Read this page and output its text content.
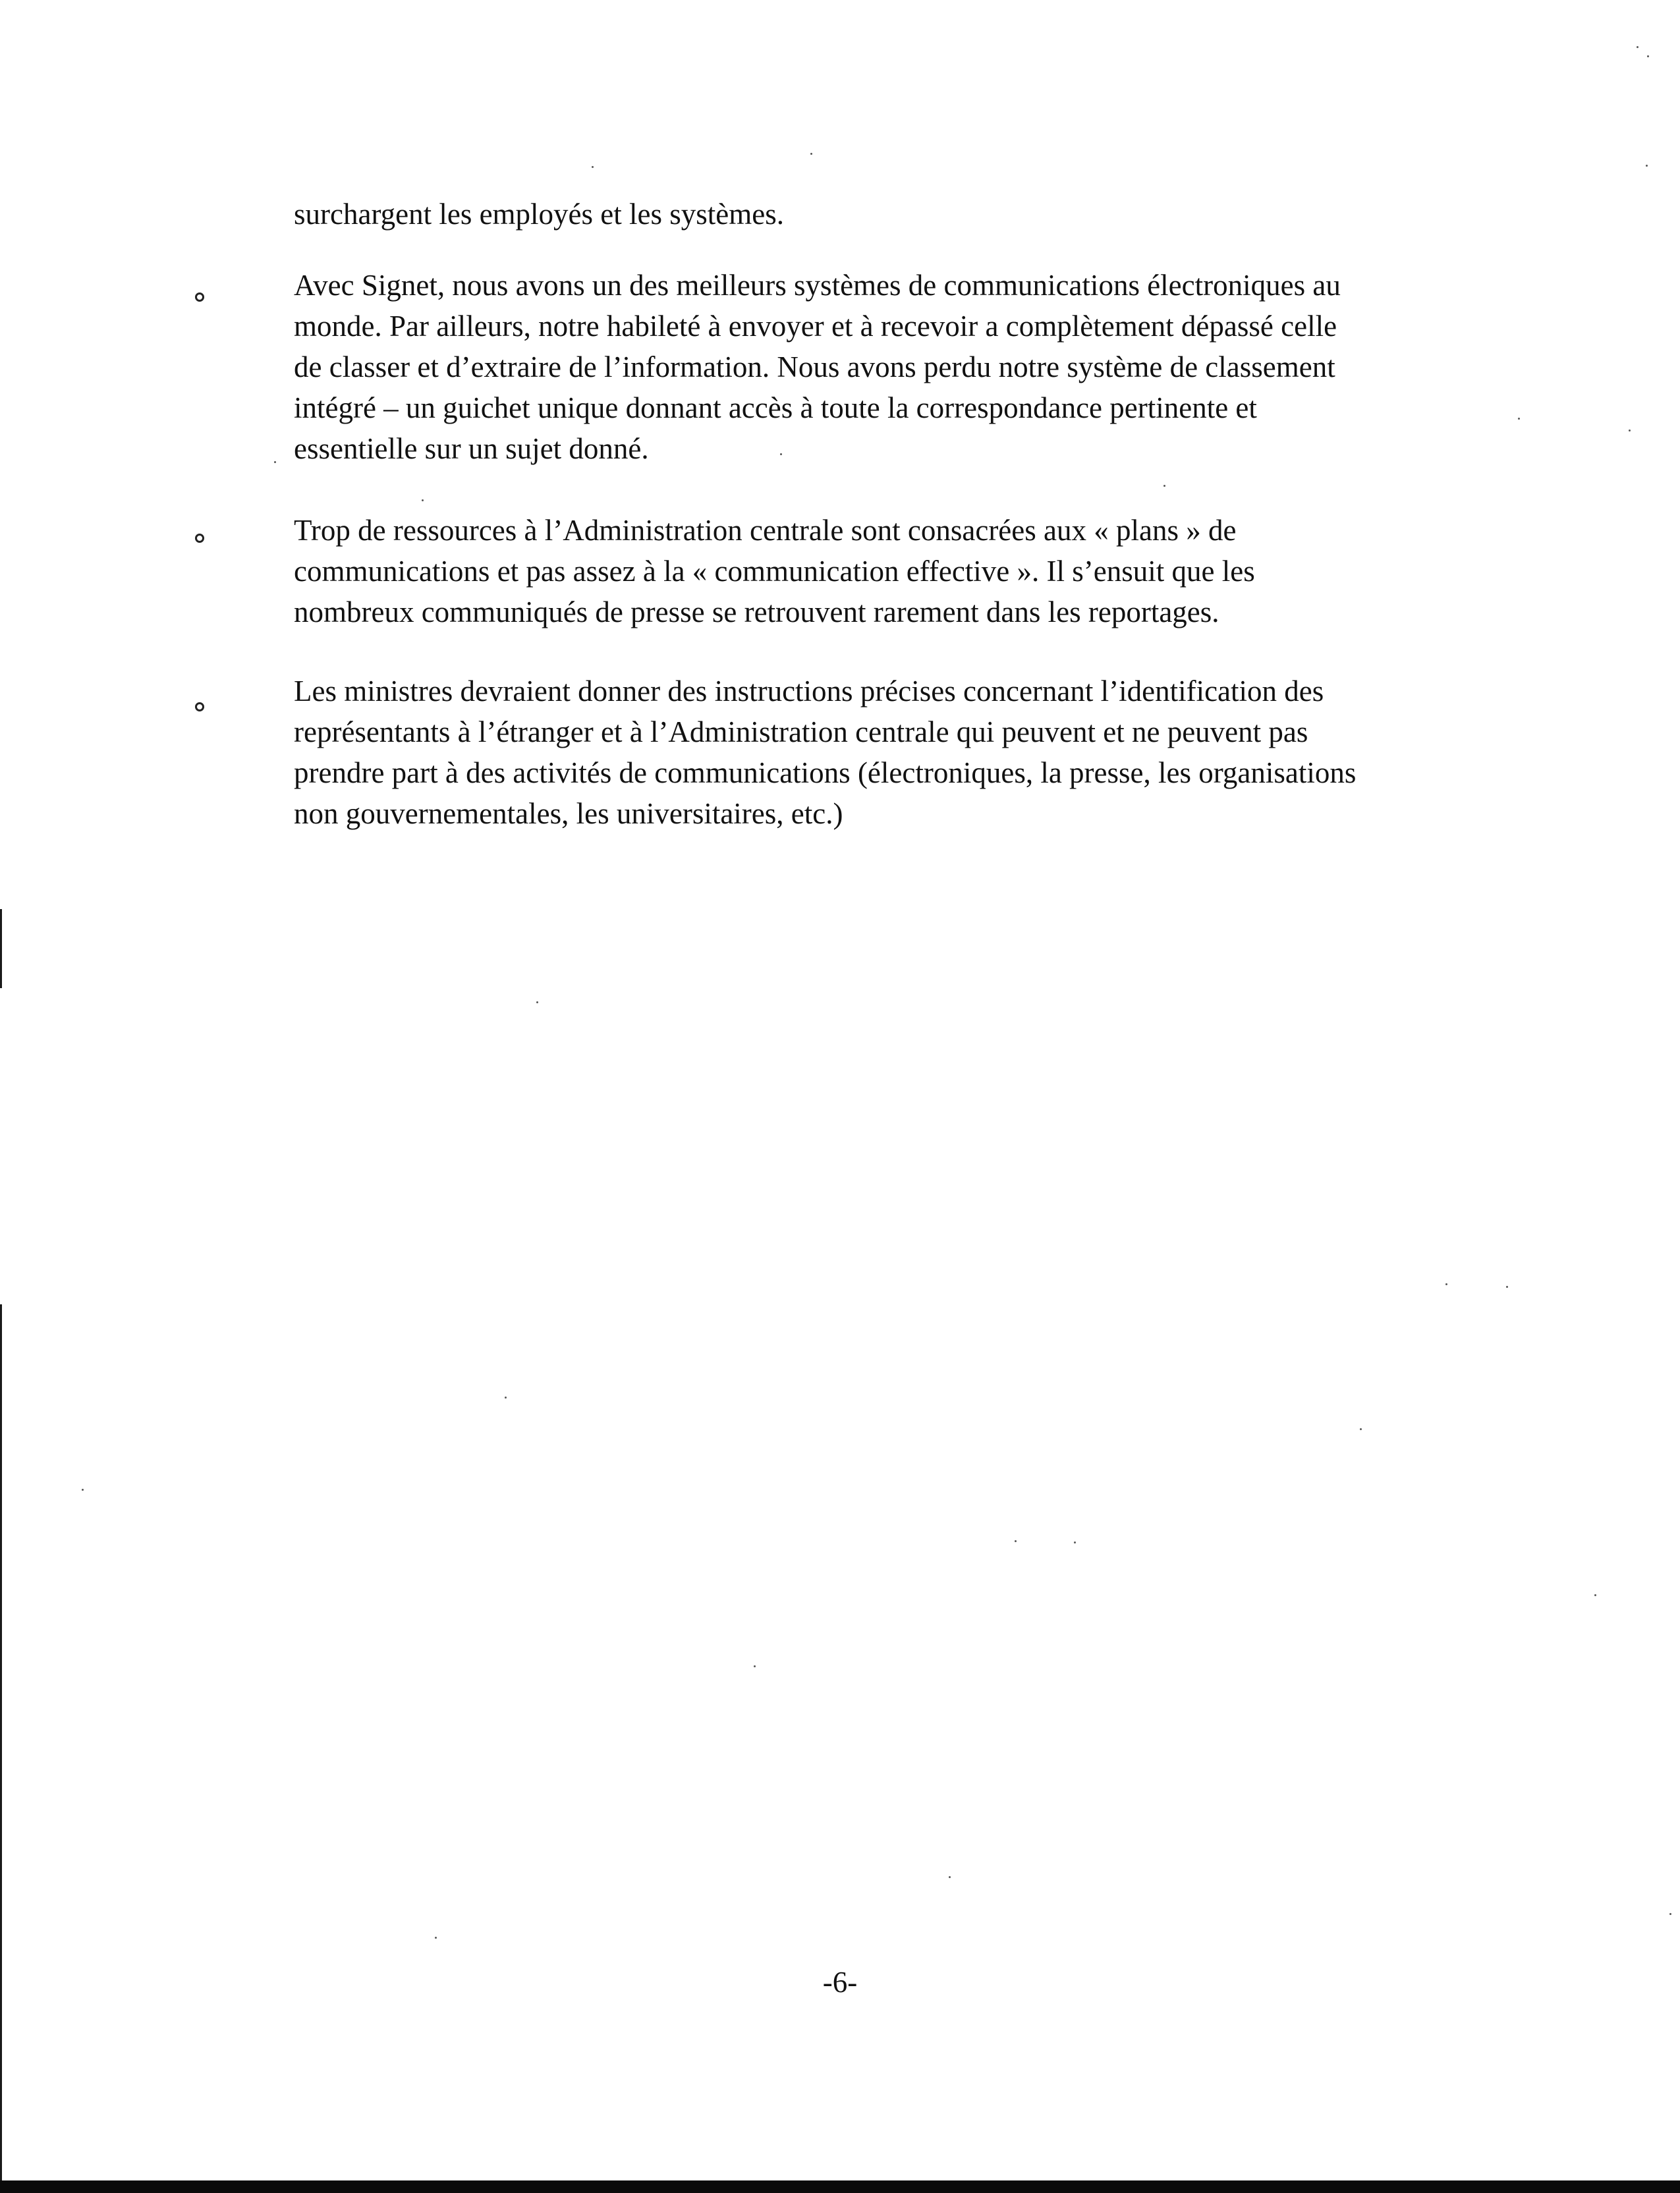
surchargent les employés et les systèmes.

Avec Signet, nous avons un des meilleurs systèmes de communications électroniques au
monde. Par ailleurs, notre habileté à envoyer et à recevoir a complètement dépassé celle
de classer et d’extraire de l’information. Nous avons perdu notre système de classement
intégré – un guichet unique donnant accès à toute la correspondance pertinente et
essentielle sur un sujet donné.

Trop de ressources à l’Administration centrale sont consacrées aux « plans » de
communications et pas assez à la « communication effective ». Il s’ensuit que les
nombreux communiqués de presse se retrouvent rarement dans les reportages.

Les ministres devraient donner des instructions précises concernant l’identification des
représentants à l’étranger et à l’Administration centrale qui peuvent et ne peuvent pas
prendre part à des activités de communications (électroniques, la presse, les organisations
non gouvernementales, les universitaires, etc.)

-6-
